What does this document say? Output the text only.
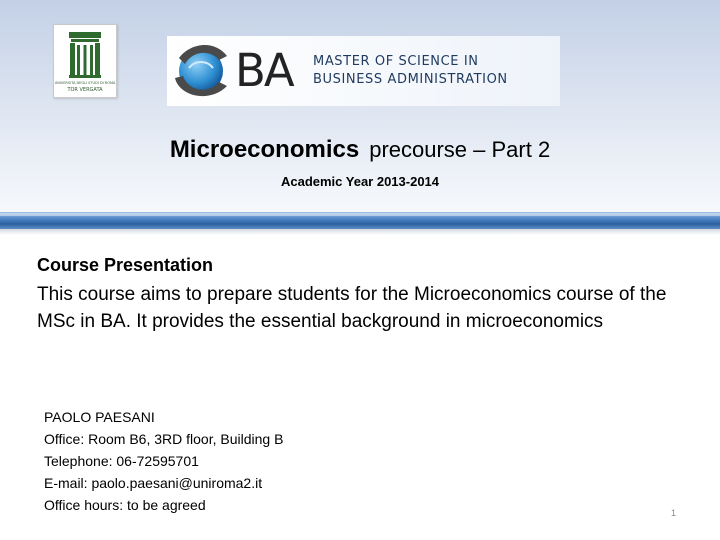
UNIVERSITÀ DEGLI STUDI DI ROMA
TOR VERGATA	BA MASTER OF SCIENCE IN
BUSINESS ADMINISTRATION
Microeconomics precourse – Part 2
Academic Year 2013-2014
Course Presentation
This course aims to prepare students for the Microeconomics course of the MSc in BA. It provides the essential background in microeconomics
PAOLO PAESANI
Office: Room B6, 3RD floor, Building B
Telephone: 06-72595701
E-mail: paolo.paesani@uniroma2.it
Office hours: to be agreed	1
